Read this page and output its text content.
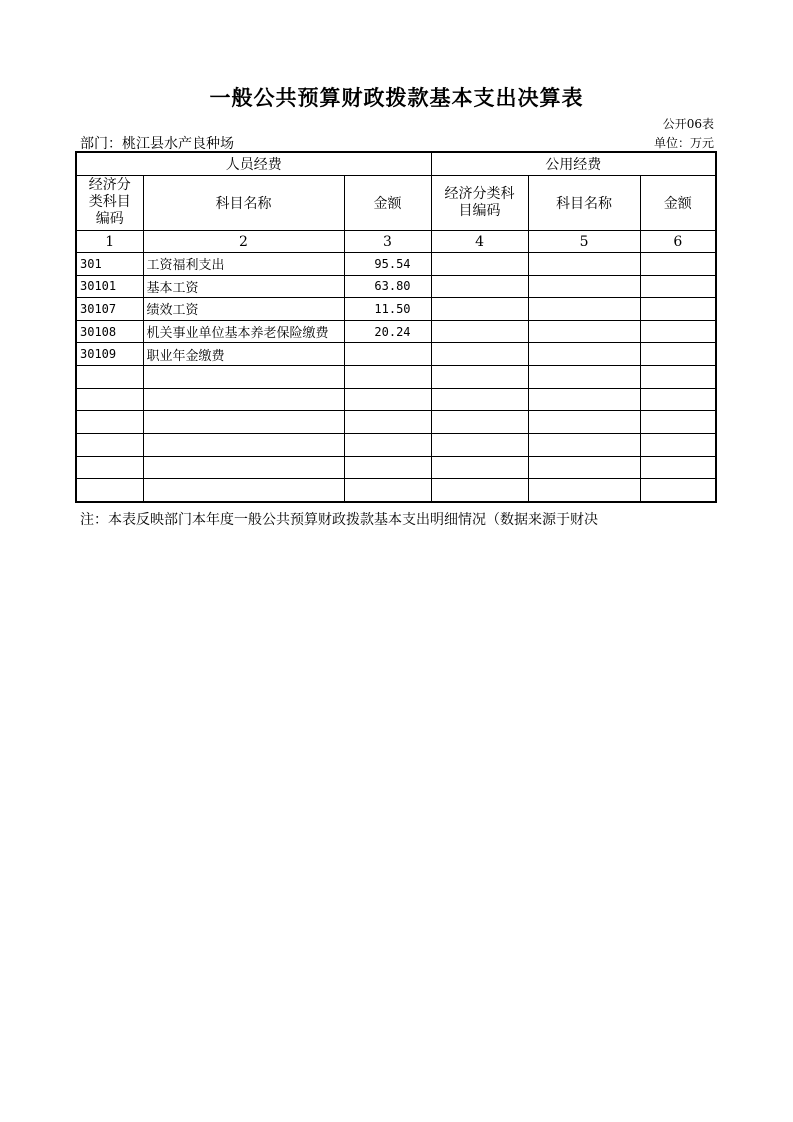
一般公共预算财政拨款基本支出决算表
公开06表
部门：桃江县水产良种场	单位：万元
人员经费			公用经费		

经济分类科目编码	科目名称	金额	经济分类科目编码	科目名称	金额
1	2	3	4	5	6
301	工资福利支出	95.54			
30101	基本工资	63.80			
30107	绩效工资	11.50			
30108	机关事业单位基本养老保险缴费	20.24			
30109	职业年金缴费				

注：本表反映部门本年度一般公共预算财政拨款基本支出明细情况（数据来源于财决
